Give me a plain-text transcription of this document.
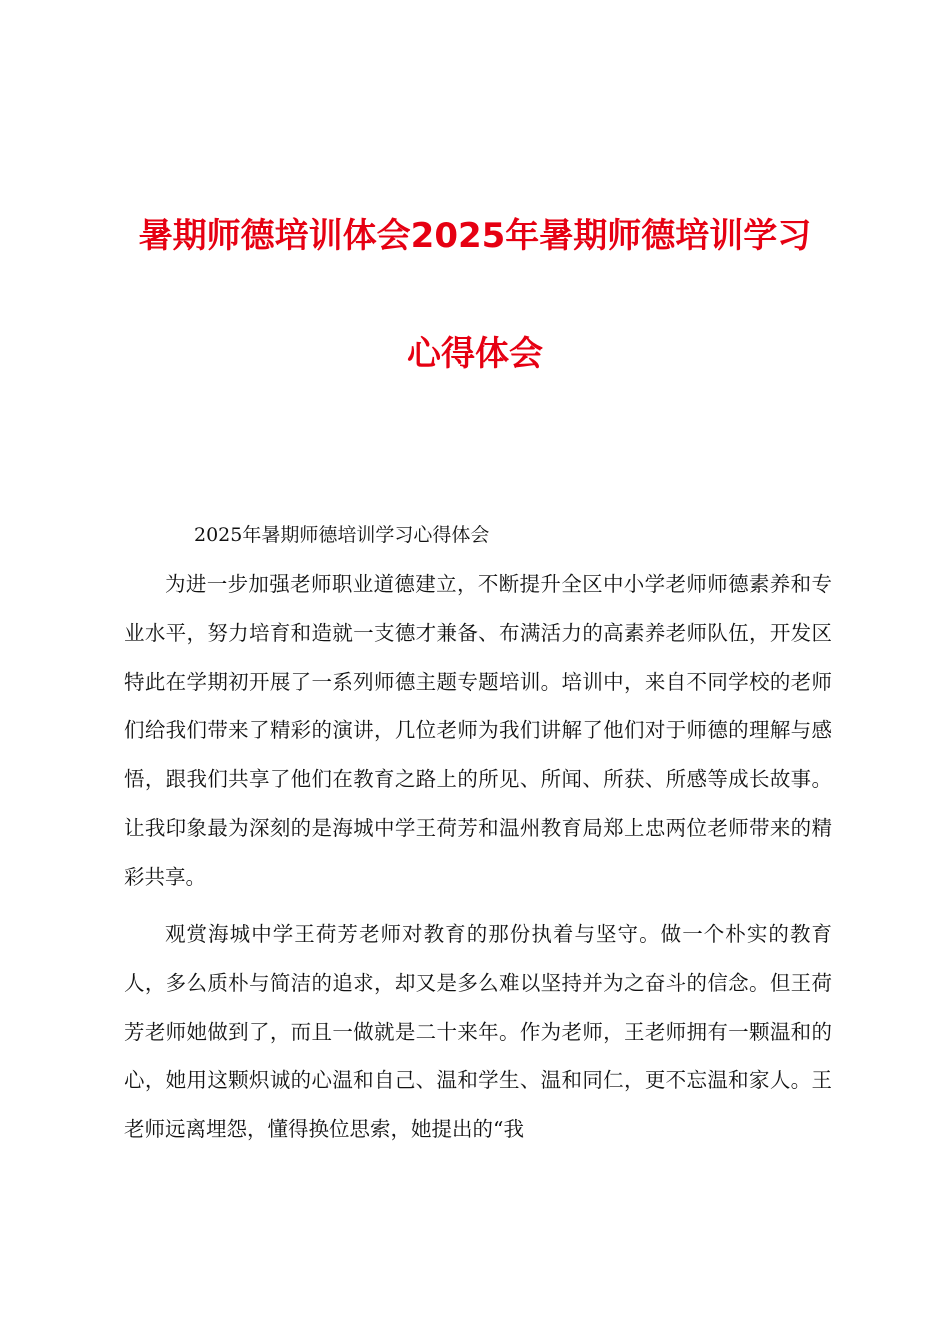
暑期师德培训体会2025年暑期师德培训学习
心得体会
2025年暑期师德培训学习心得体会

为进一步加强老师职业道德建立，不断提升全区中小学老师师德素养和专业水平，努力培育和造就一支德才兼备、布满活力的高素养老师队伍，开发区特此在学期初开展了一系列师德主题专题培训。培训中，来自不同学校的老师们给我们带来了精彩的演讲，几位老师为我们讲解了他们对于师德的理解与感悟，跟我们共享了他们在教育之路上的所见、所闻、所获、所感等成长故事。让我印象最为深刻的是海城中学王荷芳和温州教育局郑上忠两位老师带来的精彩共享。

观赏海城中学王荷芳老师对教育的那份执着与坚守。做一个朴实的教育人，多么质朴与简洁的追求，却又是多么难以坚持并为之奋斗的信念。但王荷芳老师她做到了，而且一做就是二十来年。作为老师，王老师拥有一颗温和的心，她用这颗炽诚的心温和自己、温和学生、温和同仁，更不忘温和家人。王老师远离埋怨，懂得换位思索，她提出的“我
